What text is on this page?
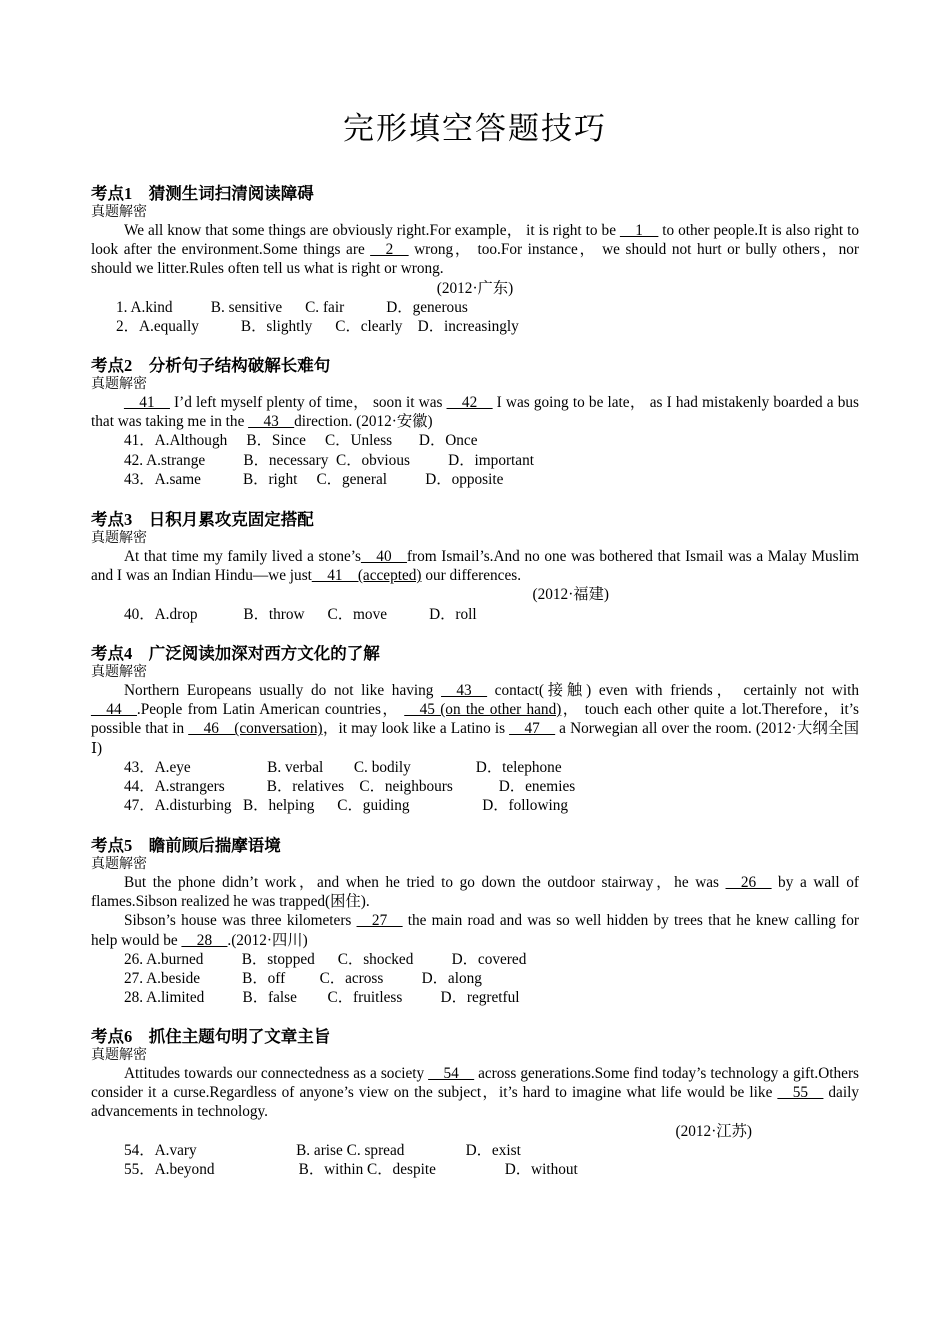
完形填空答题技巧
考点1　 猜测生词扫清阅读障碍
真题解密

We all know that some things are obviously right.For example， it is right to be __1__ to other people.It is also right to look after the environment.Some things are __2__ wrong， too.For instance， we should not hurt or bully others，nor should we litter.Rules often tell us what is right or wrong.

(2012·广东)
1. A.kind          B. sensitive      C. fair           D．generous
2．A.equally           B．slightly      C．clearly    D．increasingly
考点2　 分析句子结构破解长难句
真题解密

__41__ I’d left myself plenty of time， soon it was __42__ I was going to be late， as I had mistakenly boarded a bus that was taking me in the __43__direction. (2012·安徽)

41．A.Although     B．Since     C．Unless       D．Once
42. A.strange          B．necessary  C．obvious          D．important
43．A.same           B．right     C．general          D．opposite
考点3　 日积月累攻克固定搭配
真题解密

At that time my family lived a stone’s__40__from Ismail’s.And no one was bothered that Ismail was a Malay Muslim and I was an Indian Hindu—we just__41__(accepted) our differences.

(2012·福建)
40．A.drop            B．throw      C．move           D．roll
考点4　 广泛阅读加深对西方文化的了解
真题解密

Northern Europeans usually do not like having __43__ contact(接触) even with friends， certainly not with __44__.People from Latin American countries， __45 (on the other hand)， touch each other quite a lot.Therefore，it’s possible that in __46__(conversation)，it may look like a Latino is __47__ a Norwegian all over the room. (2012·大纲全国Ⅰ)

43．A.eye                    B. verbal        C. bodily                 D．telephone
44．A.strangers           B．relatives    C．neighbours            D．enemies
47．A.disturbing   B．helping      C．guiding                   D．following
考点5　 瞻前顾后揣摩语境
真题解密

But the phone didn’t work，and when he tried to go down the outdoor stairway，he was __26__ by a wall of flames.Sibson realized he was trapped(困住).

Sibson’s house was three kilometers __27__ the main road and was so well hidden by trees that he knew calling for help would be __28__.(2012·四川)

26. A.burned          B．stopped      C．shocked          D．covered
27. A.beside           B．off         C．across          D．along
28. A.limited          B．false        C．fruitless          D．regretful
考点6　 抓住主题句明了文章主旨
真题解密

Attitudes towards our connectedness as a society __54__ across generations.Some find today’s technology a gift.Others consider it a curse.Regardless of anyone’s view on the subject，it’s hard to imagine what life would be like __55__ daily advancements in technology.

(2012·江苏)
54．A.vary                          B. arise C. spread                D．exist
55．A.beyond                      B．within C．despite                  D．without
